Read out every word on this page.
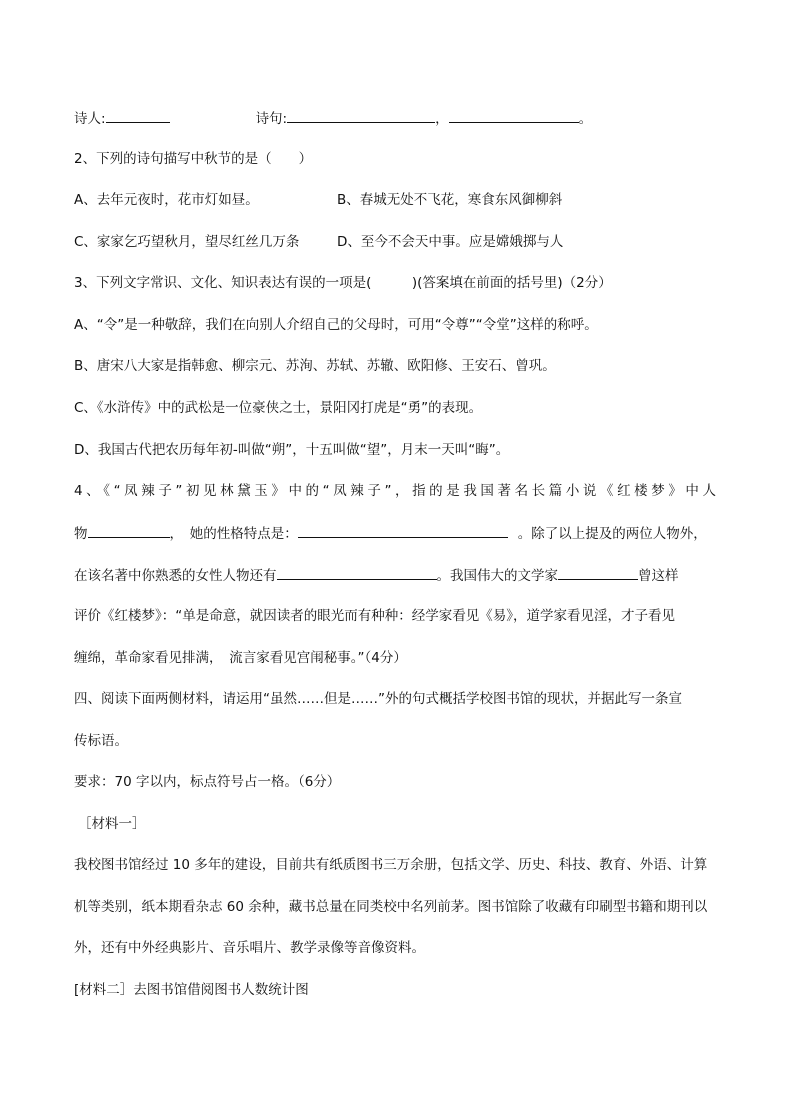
诗人:	诗句:	，	。
2、下列的诗句描写中秋节的是（　　）
A、去年元夜时，花市灯如昼。	B、春城无处不飞花，寒食东风御柳斜
C、家家乞巧望秋月，望尽红丝几万条	D、至今不会天中事。应是嫦娥掷与人
3、下列文字常识、文化、知识表达有误的一项是(　　　)(答案填在前面的括号里)（2分）
A、“令”是一种敬辞，我们在向别人介绍自己的父母时，可用“令尊”“令堂”这样的称呼。
B、唐宋八大家是指韩愈、柳宗元、苏洵、苏轼、苏辙、欧阳修、王安石、曾巩。
C、《水浒传》中的武松是一位豪侠之士，景阳冈打虎是“勇”的表现。
D、我国古代把农历每年初-叫做“朔”，十五叫做“望”，月末一天叫“晦”。
4、《“凤辣子”初见林黛玉》中的“凤辣子”，指的是我国著名长篇小说《红楼梦》中人
物	，　她的性格特点是：	。除了以上提及的两位人物外，
在该名著中你熟悉的女性人物还有	。我国伟大的文学家	曾这样
评价《红楼梦》：“单是命意，就因读者的眼光而有种种：经学家看见《易》，道学家看见淫，才子看见
缠绵，革命家看见排满，　流言家看见宫闱秘事。”（4分）
四、阅读下面两侧材料，请运用“虽然……但是……”外的句式概括学校图书馆的现状，并据此写一条宣
传标语。
要求：70 字以内，标点符号占一格。（6分）
［材料一］
我校图书馆经过 10 多年的建设，目前共有纸质图书三万余册，包括文学、历史、科技、教育、外语、计算
机等类别，纸本期看杂志 60 余种，藏书总量在同类校中名列前茅。图书馆除了收藏有印刷型书籍和期刊以
外，还有中外经典影片、音乐唱片、教学录像等音像资料。
[材料二］去图书馆借阅图书人数统计图
